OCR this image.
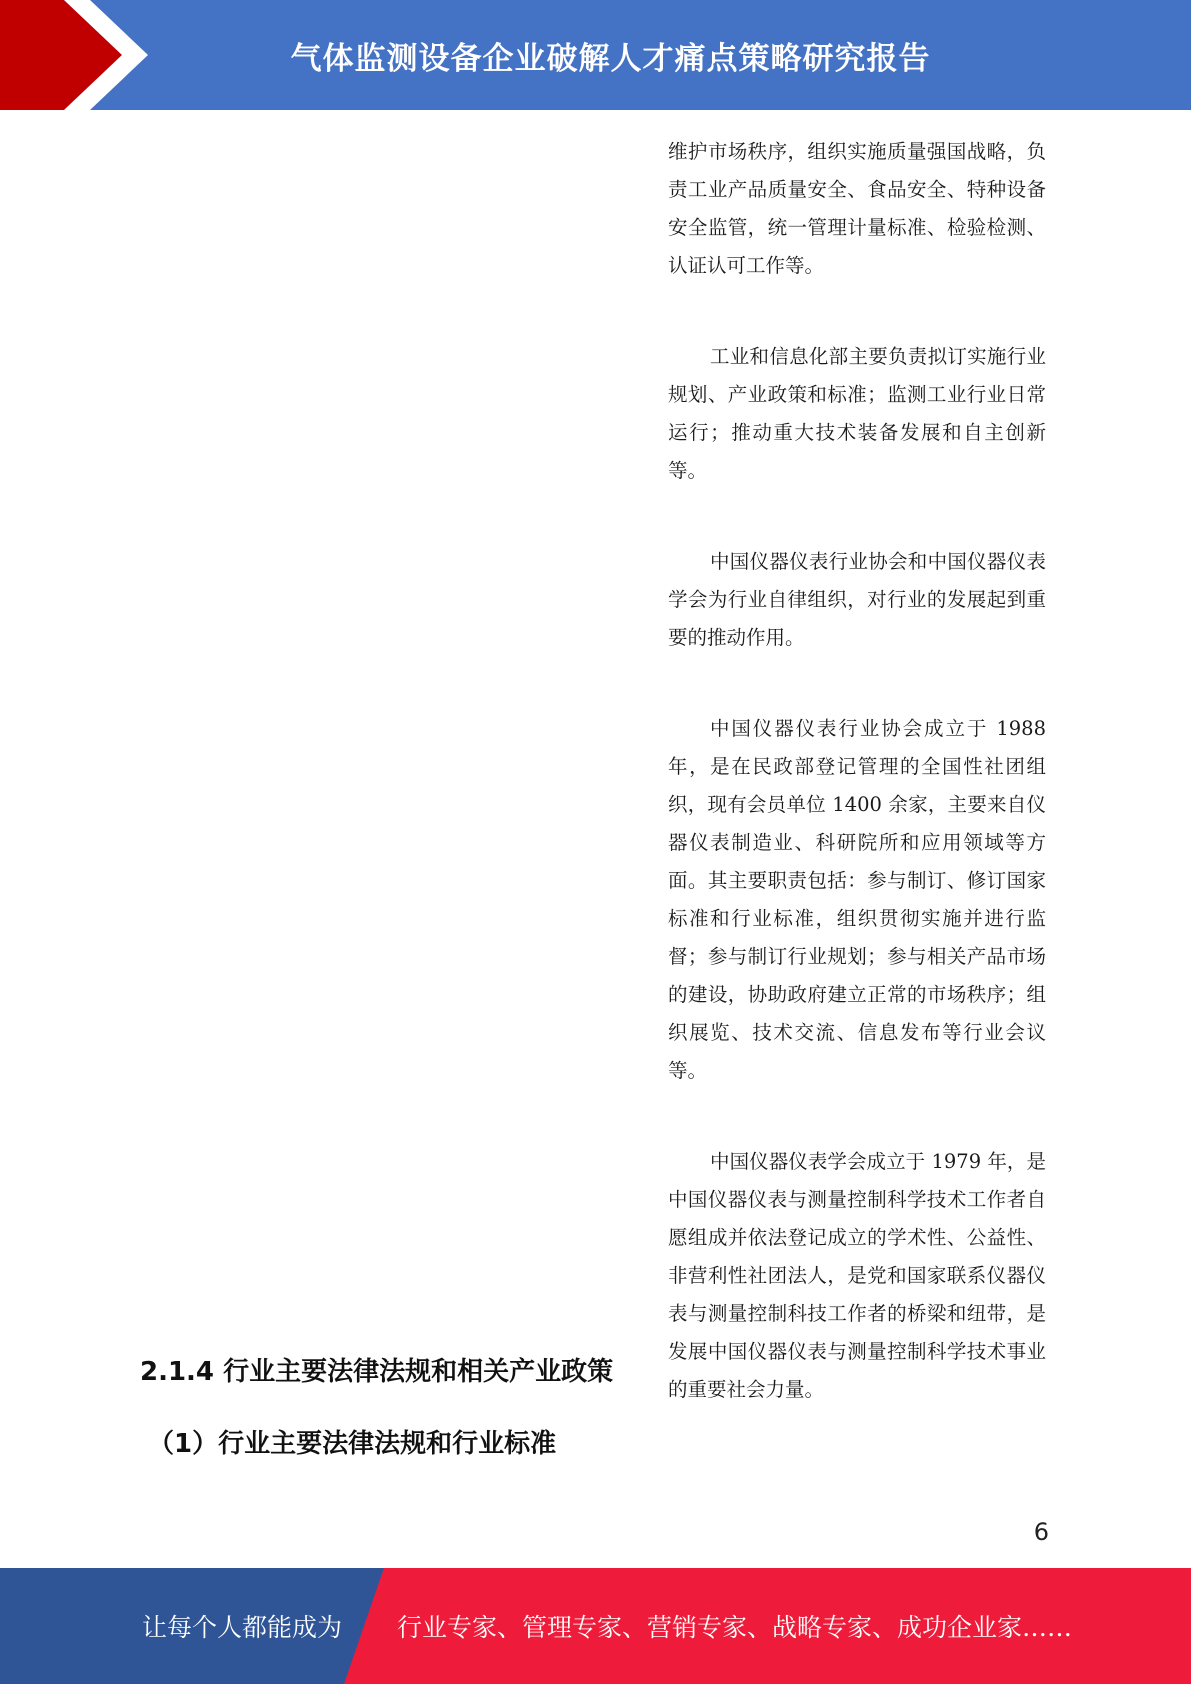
气体监测设备企业破解人才痛点策略研究报告

维护市场秩序，组织实施质量强国战略，负责工业产品质量安全、食品安全、特种设备安全监管，统一管理计量标准、检验检测、认证认可工作等。

工业和信息化部主要负责拟订实施行业规划、产业政策和标准；监测工业行业日常运行；推动重大技术装备发展和自主创新等。

中国仪器仪表行业协会和中国仪器仪表学会为行业自律组织，对行业的发展起到重要的推动作用。

中国仪器仪表行业协会成立于 1988 年，是在民政部登记管理的全国性社团组织，现有会员单位 1400 余家，主要来自仪器仪表制造业、科研院所和应用领域等方面。其主要职责包括：参与制订、修订国家标准和行业标准，组织贯彻实施并进行监督；参与制订行业规划；参与相关产品市场的建设，协助政府建立正常的市场秩序；组织展览、技术交流、信息发布等行业会议等。

中国仪器仪表学会成立于 1979 年，是中国仪器仪表与测量控制科学技术工作者自愿组成并依法登记成立的学术性、公益性、非营利性社团法人，是党和国家联系仪器仪表与测量控制科技工作者的桥梁和纽带，是发展中国仪器仪表与测量控制科学技术事业的重要社会力量。

2.1.4 行业主要法律法规和相关产业政策
（1）行业主要法律法规和行业标准
6
让每个人都能成为 行业专家、管理专家、营销专家、战略专家、成功企业家……
